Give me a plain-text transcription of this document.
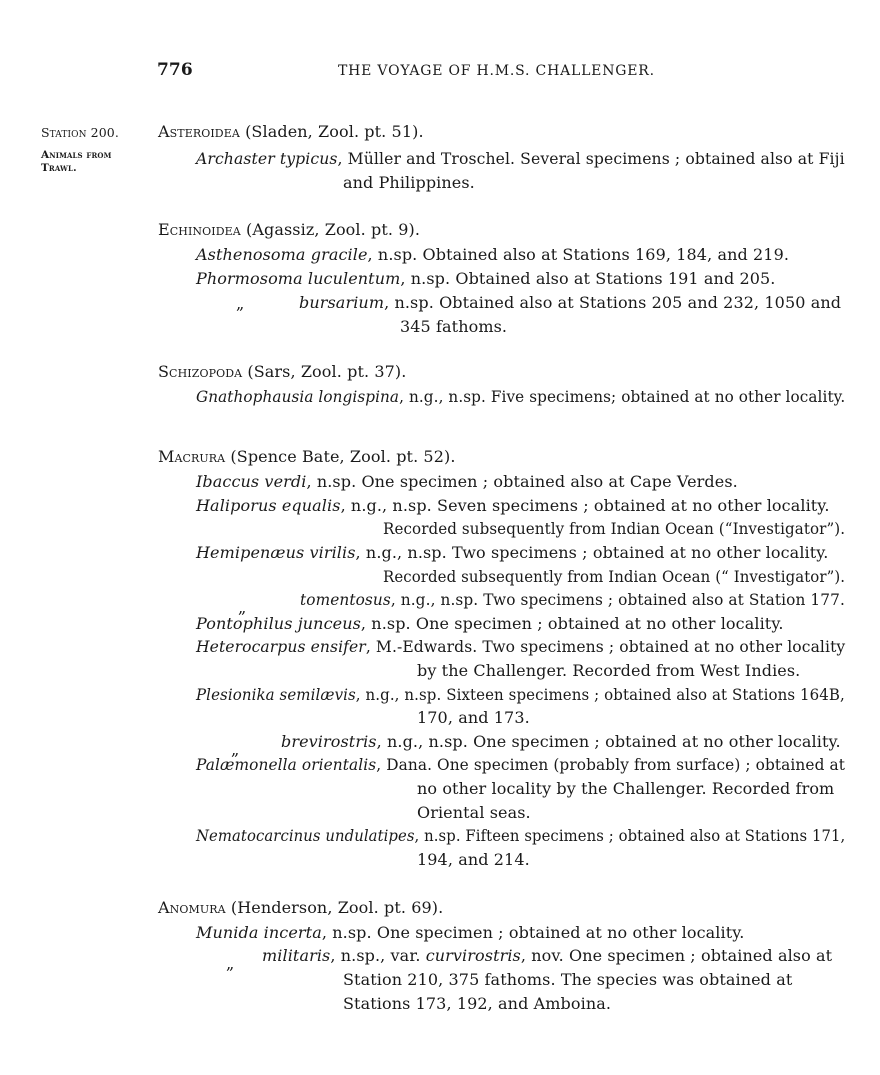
776	THE VOYAGE OF H.M.S. CHALLENGER.
Station 200.
Animals from
Trawl.
Asteroidea (Sladen, Zool. pt. 51).
Archaster typicus, Müller and Troschel. Several specimens ; obtained also at Fiji
and Philippines.
Echinoidea (Agassiz, Zool. pt. 9).
Asthenosoma gracile, n.sp. Obtained also at Stations 169, 184, and 219.
Phormosoma luculentum, n.sp. Obtained also at Stations 191 and 205.
„	bursarium, n.sp. Obtained also at Stations 205 and 232, 1050 and
345 fathoms.
Schizopoda (Sars, Zool. pt. 37).
Gnathophausia longispina, n.g., n.sp. Five specimens; obtained at no other locality.
Macrura (Spence Bate, Zool. pt. 52).
Ibaccus verdi, n.sp. One specimen ; obtained also at Cape Verdes.
Haliporus equalis, n.g., n.sp. Seven specimens ; obtained at no other locality.
Recorded subsequently from Indian Ocean (“Investigator”).
Hemipenæus virilis, n.g., n.sp. Two specimens ; obtained at no other locality.
Recorded subsequently from Indian Ocean (“ Investigator”).
„	tomentosus, n.g., n.sp. Two specimens ; obtained also at Station 177.
Pontophilus junceus, n.sp. One specimen ; obtained at no other locality.
Heterocarpus ensifer, M.-Edwards. Two specimens ; obtained at no other locality
by the Challenger. Recorded from West Indies.
Plesionika semilævis, n.g., n.sp. Sixteen specimens ; obtained also at Stations 164B,
170, and 173.
„	brevirostris, n.g., n.sp. One specimen ; obtained at no other locality.
Palæmonella orientalis, Dana. One specimen (probably from surface) ; obtained at
no other locality by the Challenger. Recorded from
Oriental seas.
Nematocarcinus undulatipes, n.sp. Fifteen specimens ; obtained also at Stations 171,
194, and 214.
Anomura (Henderson, Zool. pt. 69).
Munida incerta, n.sp. One specimen ; obtained at no other locality.
„ militaris, n.sp., var. curvirostris, nov. One specimen ; obtained also at
Station 210, 375 fathoms. The species was obtained at
Stations 173, 192, and Amboina.
